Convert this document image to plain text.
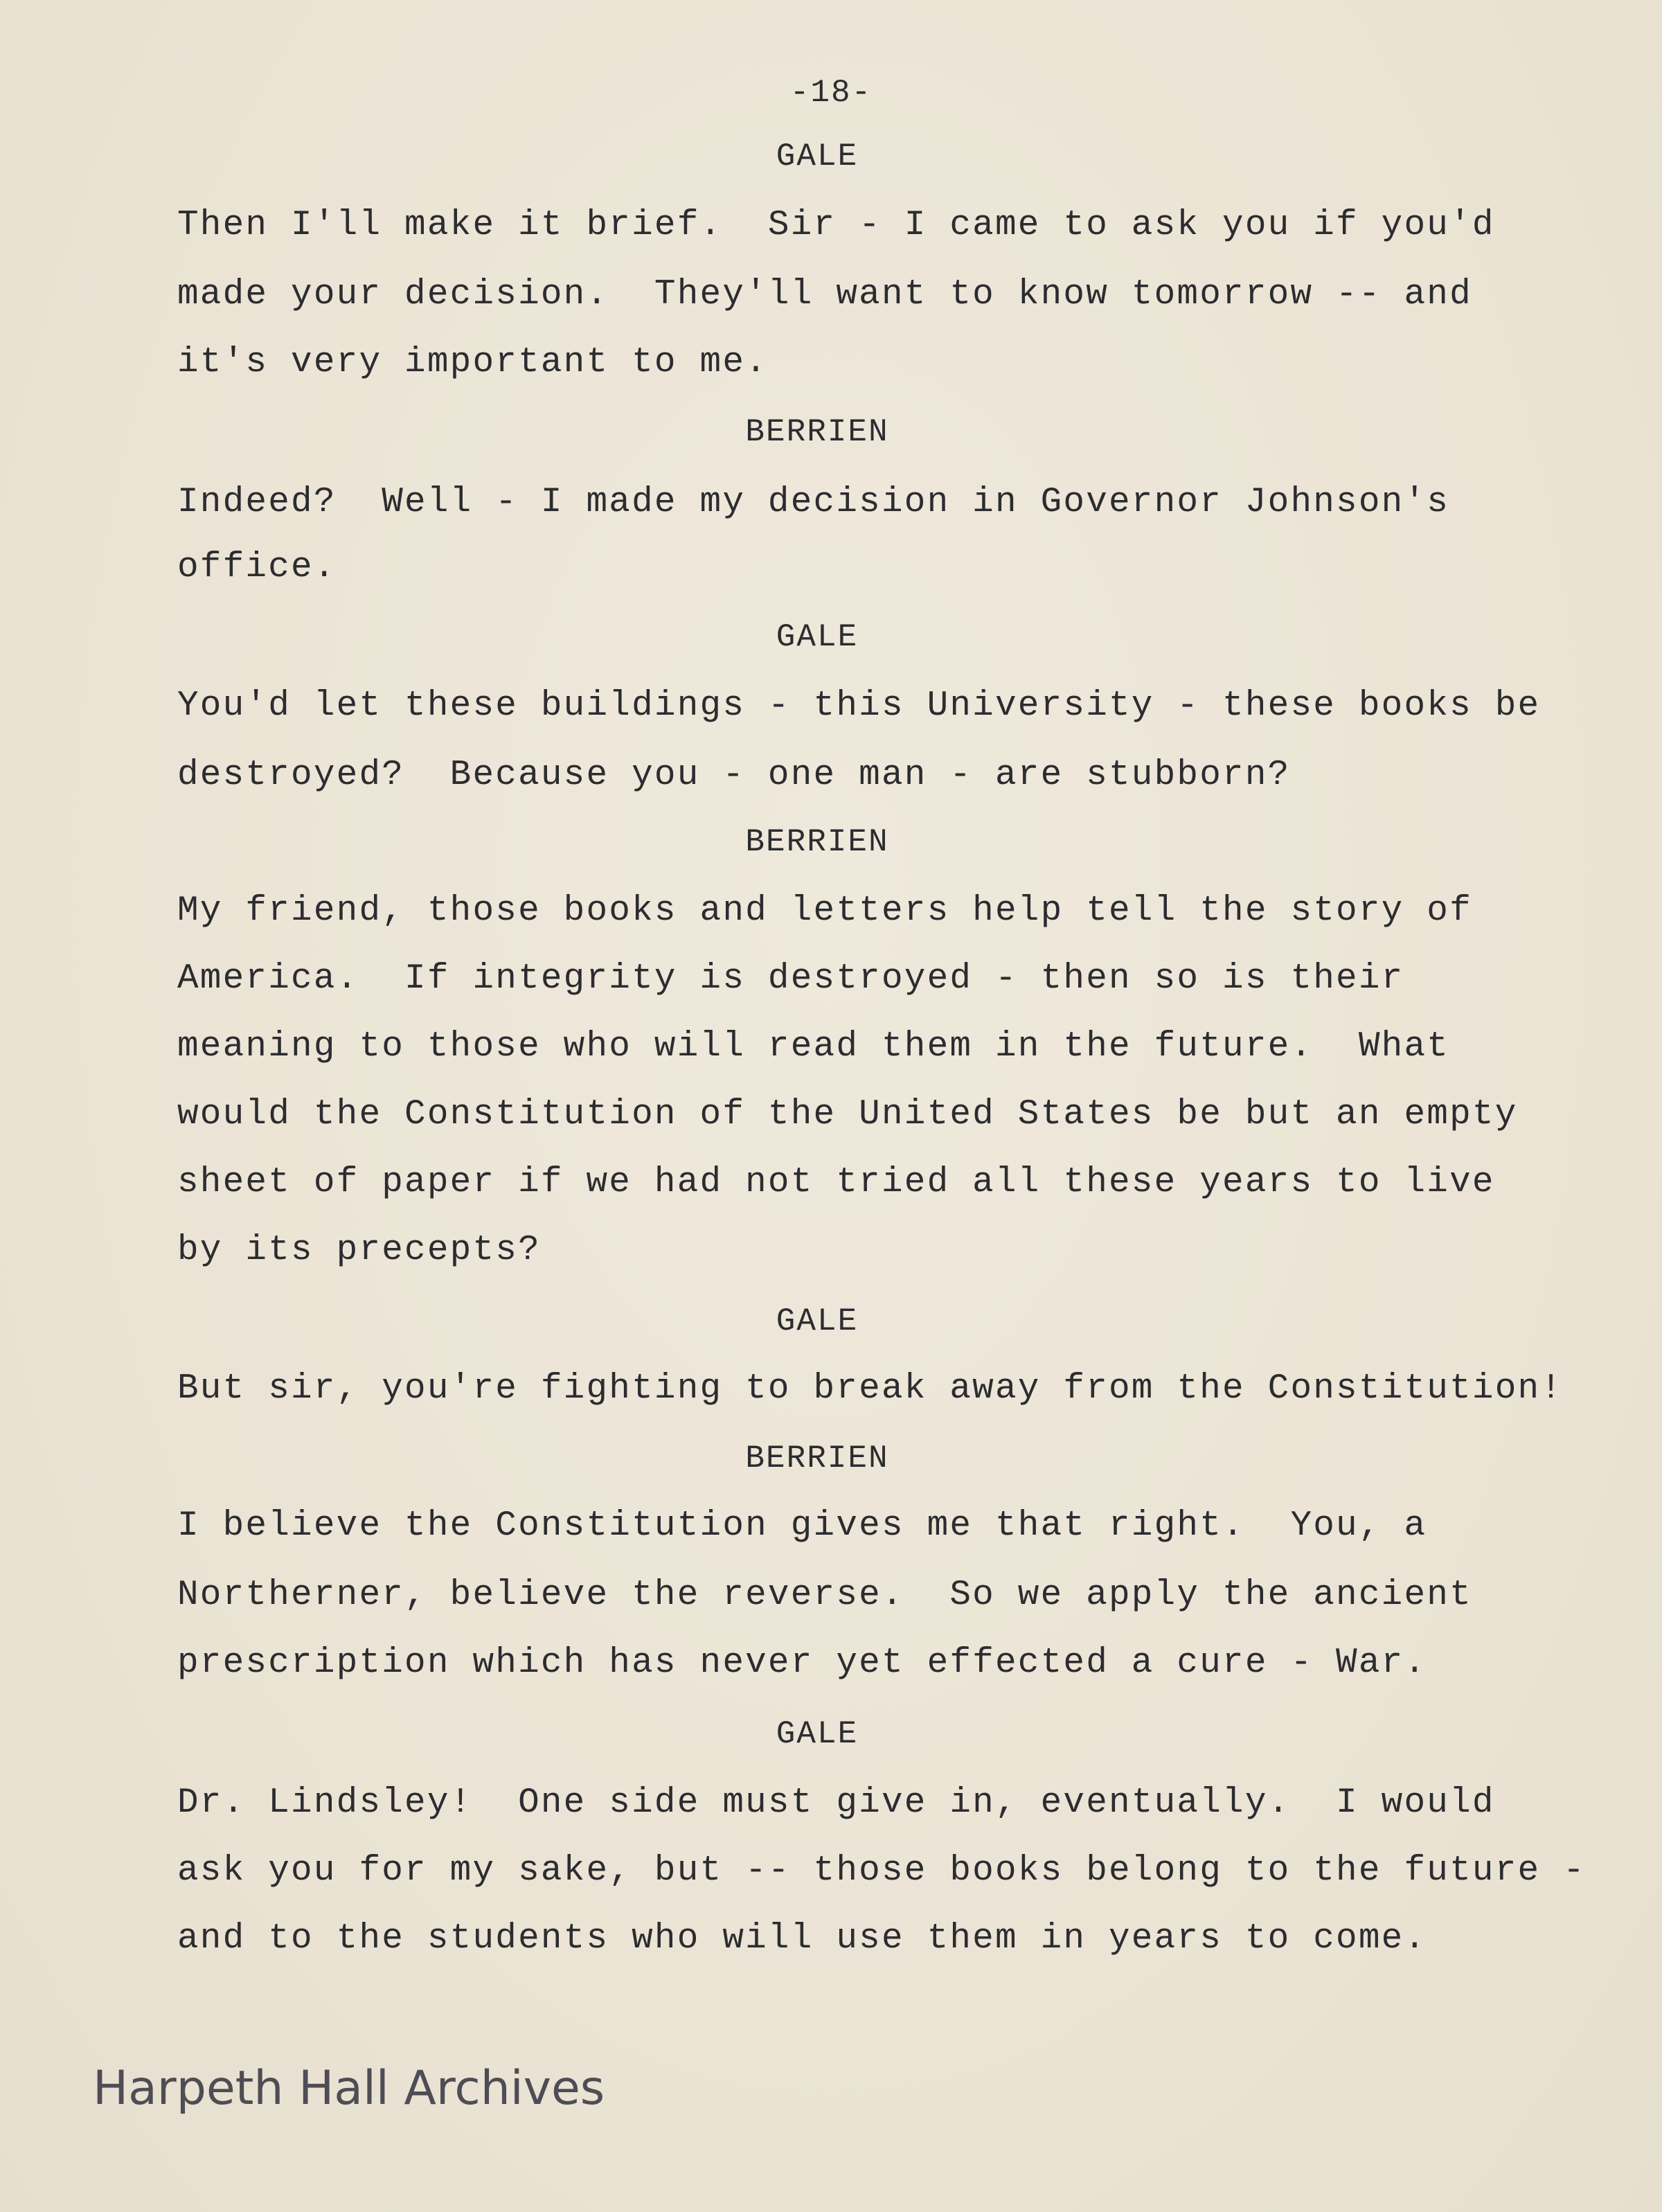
-18-
GALE
Then I'll make it brief.  Sir - I came to ask you if you'd
made your decision.  They'll want to know tomorrow -- and
it's very important to me.
BERRIEN
Indeed?  Well - I made my decision in Governor Johnson's
office.
GALE
You'd let these buildings - this University - these books be
destroyed?  Because you - one man - are stubborn?
BERRIEN
My friend, those books and letters help tell the story of
America.  If integrity is destroyed - then so is their
meaning to those who will read them in the future.  What
would the Constitution of the United States be but an empty
sheet of paper if we had not tried all these years to live
by its precepts?
GALE
But sir, you're fighting to break away from the Constitution!
BERRIEN
I believe the Constitution gives me that right.  You, a
Northerner, believe the reverse.  So we apply the ancient
prescription which has never yet effected a cure - War.
GALE
Dr. Lindsley!  One side must give in, eventually.  I would
ask you for my sake, but -- those books belong to the future -
and to the students who will use them in years to come.
Harpeth Hall Archives
